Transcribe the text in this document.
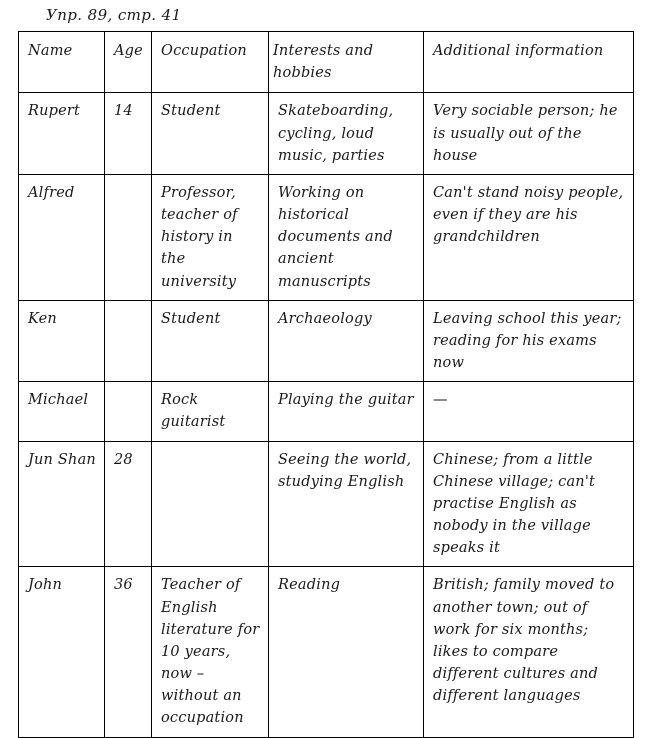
Упр. 89, стр. 41
Name	Age	Occupation	Interests and hobbies	Additional information
Rupert	14	Student	Skateboarding, cycling, loud music, parties	Very sociable person; he is usually out of the house
Alfred		Professor, teacher of history in the university	Working on historical documents and ancient manuscripts	Can't stand noisy people, even if they are his grandchildren
Ken		Student	Archaeology	Leaving school this year; reading for his exams now
Michael		Rock guitarist	Playing the guitar	—
Jun Shan	28		Seeing the world, studying English	Chinese; from a little Chinese village; can't practise English as nobody in the village speaks it
John	36	Teacher of English literature for 10 years, now – without an occupation	Reading	British; family moved to another town; out of work for six months; likes to compare different cultures and different languages
